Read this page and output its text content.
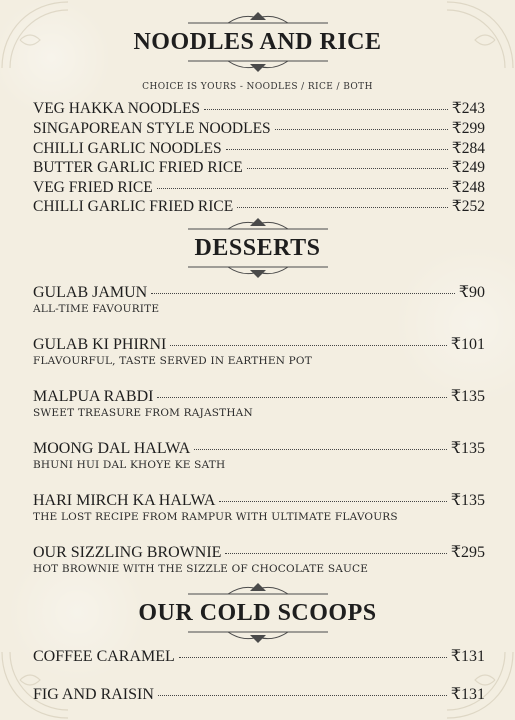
NOODLES AND RICE
CHOICE IS YOURS - NOODLES / RICE / BOTH
VEG HAKKA NOODLES	₹243
SINGAPOREAN STYLE NOODLES	₹299
CHILLI GARLIC NOODLES	₹284
BUTTER GARLIC FRIED RICE	₹249
VEG FRIED RICE	₹248
CHILLI GARLIC FRIED RICE	₹252
DESSERTS
GULAB JAMUN	₹90
ALL-TIME FAVOURITE
GULAB KI PHIRNI	₹101
FLAVOURFUL, TASTE SERVED IN EARTHEN POT
MALPUA RABDI	₹135
SWEET TREASURE FROM RAJASTHAN
MOONG DAL HALWA	₹135
BHUNI HUI DAL KHOYE KE SATH
HARI MIRCH KA HALWA	₹135
THE LOST RECIPE FROM RAMPUR WITH ULTIMATE FLAVOURS
OUR SIZZLING BROWNIE	₹295
HOT BROWNIE WITH THE SIZZLE OF CHOCOLATE SAUCE
OUR COLD SCOOPS
COFFEE CARAMEL	₹131
FIG AND RAISIN	₹131
